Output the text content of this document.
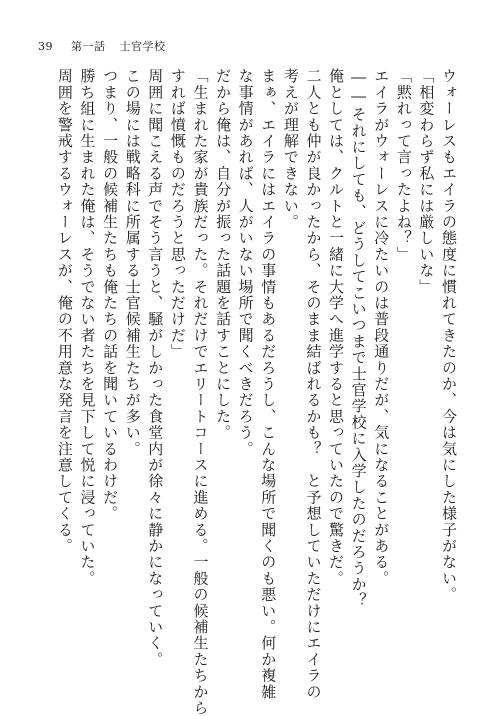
39 第一話 士官学校
ウォーレスもエイラの態度に慣れてきたのか、今は気にした様子がない。
「相変わらず私には厳しいな」
「黙れって言ったよね？」
エイラがウォーレスに冷たいのは普段通りだが、気になることがある。
――それにしても、どうしてこいつまで士官学校に入学したのだろうか？
俺としては、クルトと一緒に大学へ進学すると思っていたので驚きだ。
二人とも仲が良かったから、そのまま結ばれるかも？　と予想していただけにエイラの
考えが理解できない。
まぁ、エイラにはエイラの事情もあるだろうし、こんな場所で聞くのも悪い。何か複雑
な事情があれば、人がいない場所で聞くべきだろう。
だから俺は、自分が振った話題を話すことにした。
「生まれた家が貴族だった。それだけでエリートコースに進める。一般の候補生たちから
すれば憤慨ものだろうと思っただけだ」
周囲に聞こえる声でそう言うと、騒がしかった食堂内が徐々に静かになっていく。
この場には戦略科に所属する士官候補生たちが多い。
つまり、一般の候補生たちも俺たちの話を聞いているわけだ。
勝ち組に生まれた俺は、そうでない者たちを見下して悦に浸っていた。
周囲を警戒するウォーレスが、俺の不用意な発言を注意してくる。
